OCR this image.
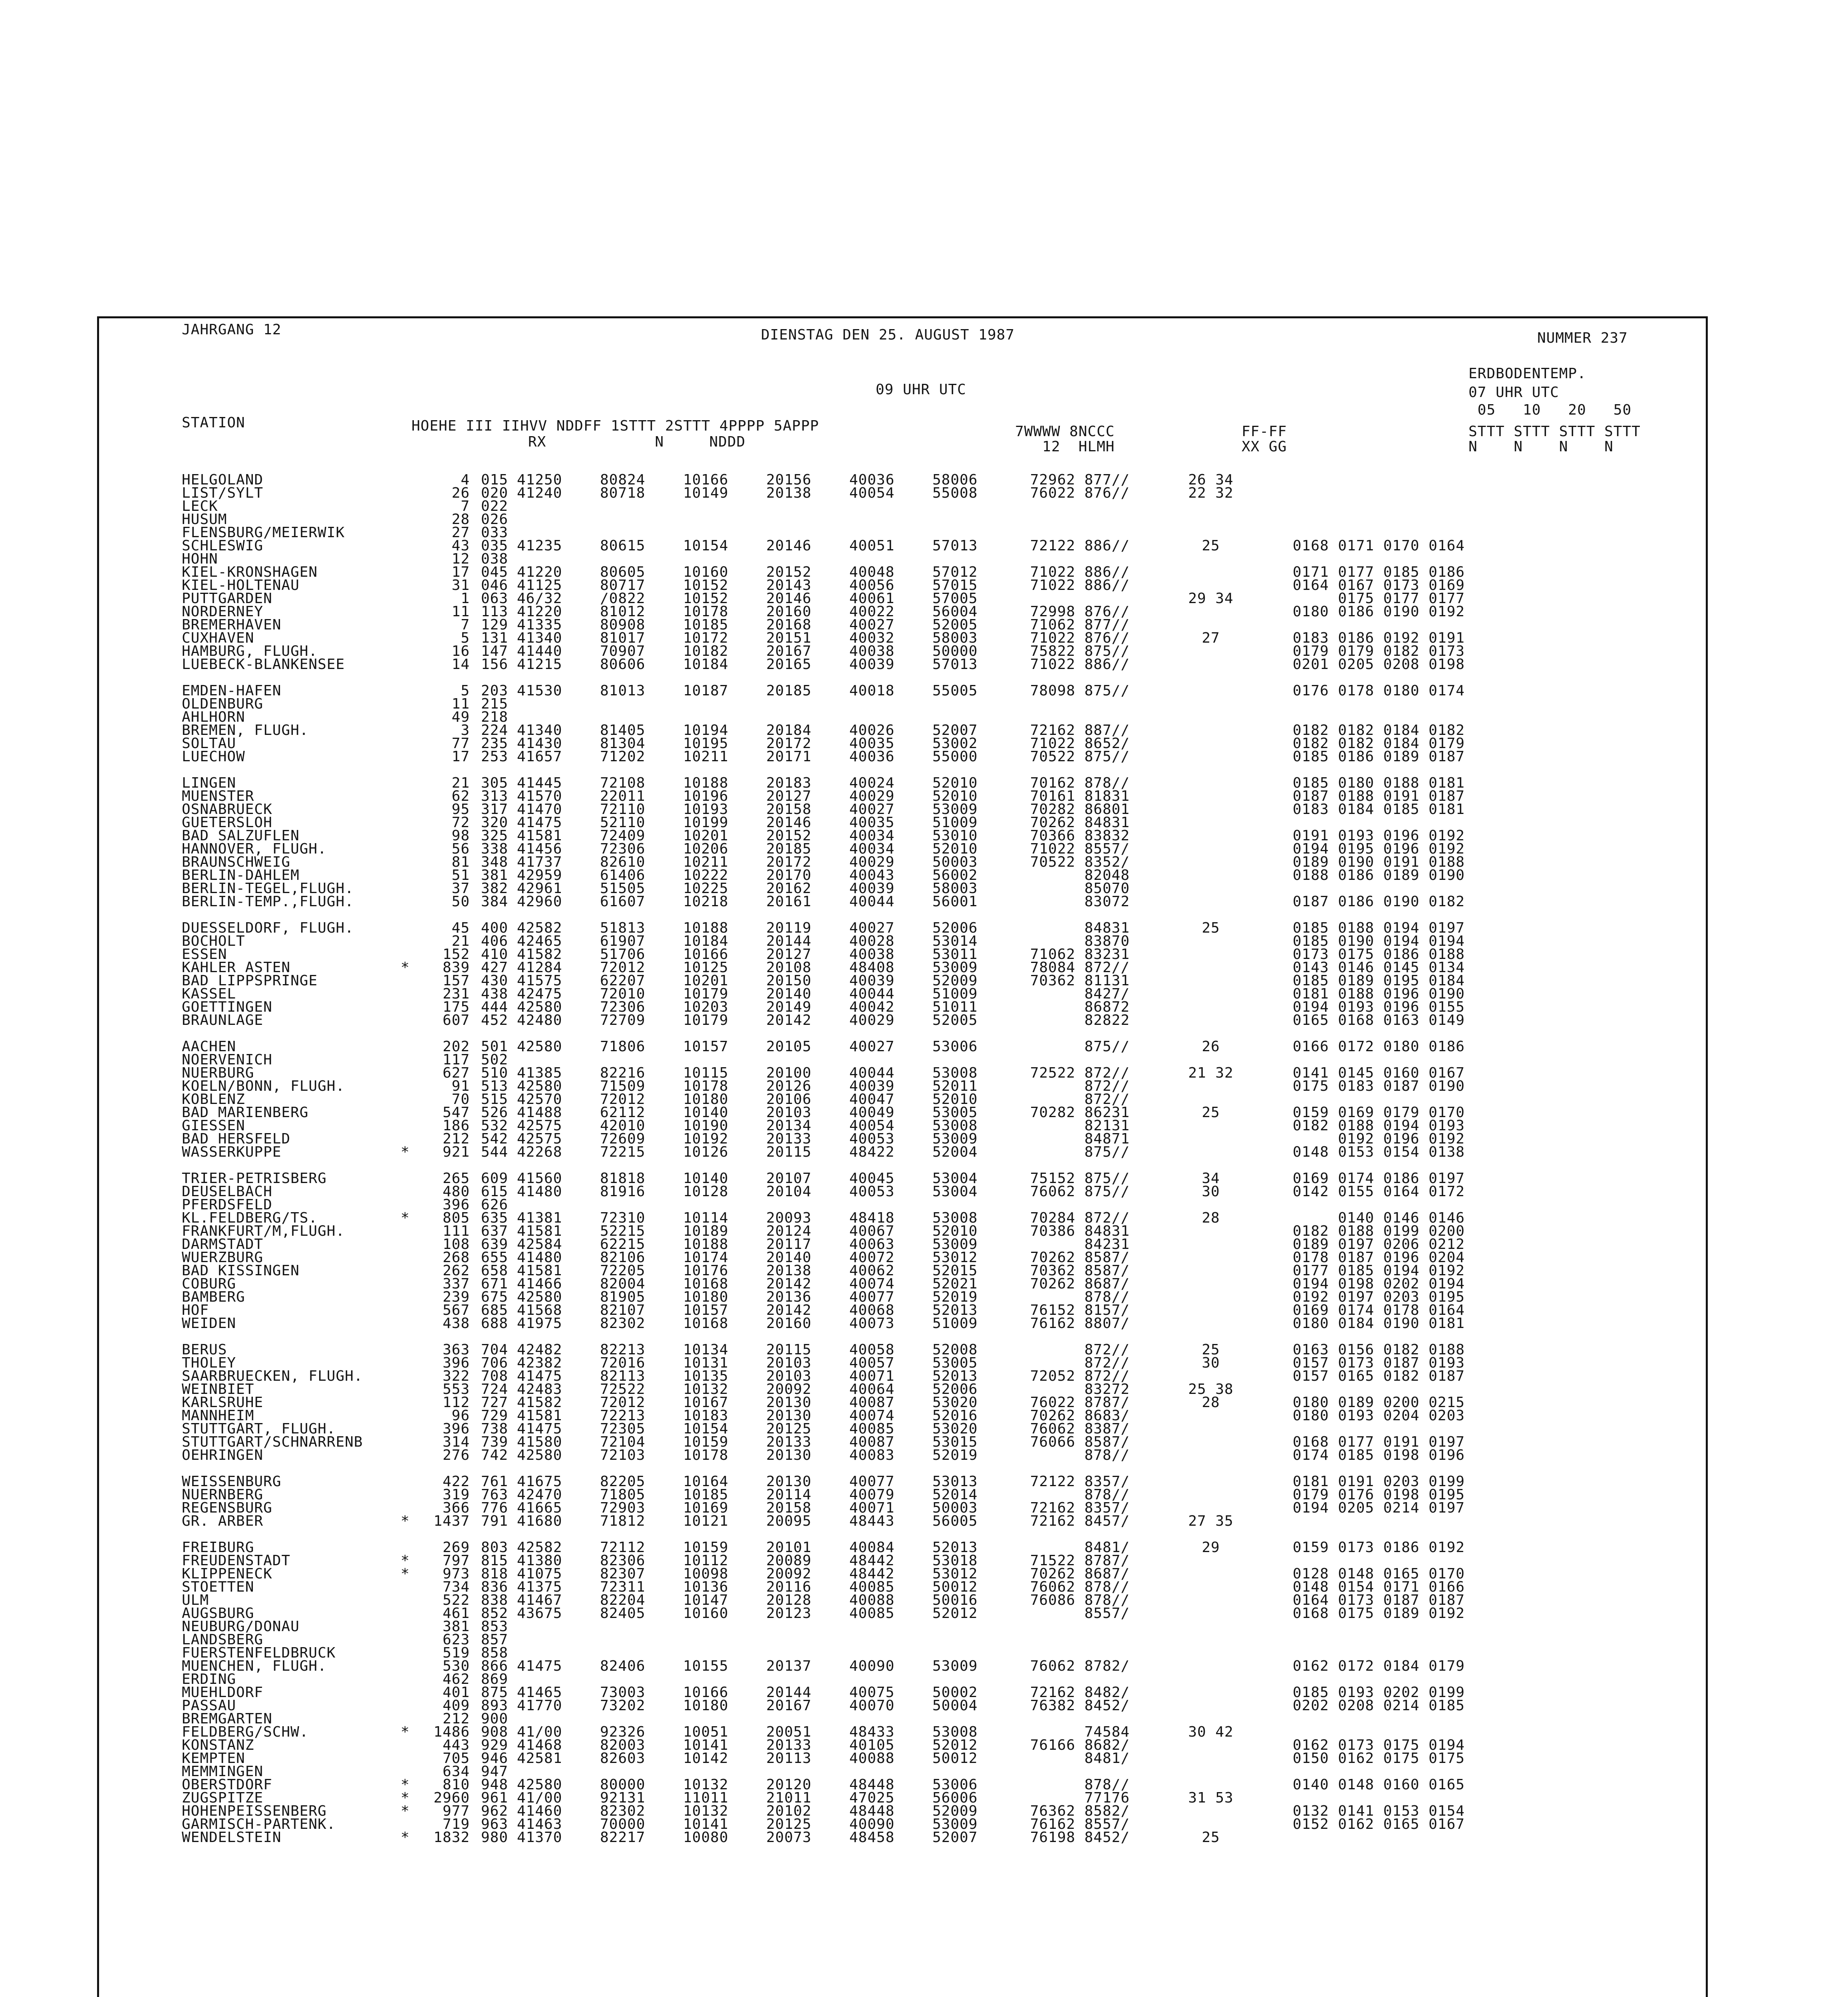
JAHRGANG 12	DIENSTAG DEN 25. AUGUST 1987	NUMMER 237
09 UHR UTC
ERDBODENTEMP.
07 UHR UTC
STATION	HOEHE III IIHVV NDDFF 1STTT 2STTT 4PPPP 5APPP
RX            N     NDDD
7WWWW 8NCCC
12  HLMH
FF-FF
XX GG
05   10   20   50
STTT STTT STTT STTT
N    N    N    N
HELGOLAND		4	015	41250	80824	10166	20156	40036	58006	72962 877//	26 34	
LIST/SYLT		26	020	41240	80718	10149	20138	40054	55008	76022 876//	22 32	
LECK		7	022									
HUSUM		28	026									
FLENSBURG/MEIERWIK		27	033									
SCHLESWIG		43	035	41235	80615	10154	20146	40051	57013	72122 886//	25	0168 0171 0170 0164
HOHN		12	038									
KIEL-KRONSHAGEN		17	045	41220	80605	10160	20152	40048	57012	71022 886//		0171 0177 0185 0186
KIEL-HOLTENAU		31	046	41125	80717	10152	20143	40056	57015	71022 886//		0164 0167 0173 0169
PUTTGARDEN		1	063	46/32	/0822	10152	20146	40061	57005		29 34	0175 0177 0177
NORDERNEY		11	113	41220	81012	10178	20160	40022	56004	72998 876//		0180 0186 0190 0192
BREMERHAVEN		7	129	41335	80908	10185	20168	40027	52005	71062 877//		
CUXHAVEN		5	131	41340	81017	10172	20151	40032	58003	71022 876//	27	0183 0186 0192 0191
HAMBURG, FLUGH.		16	147	41440	70907	10182	20167	40038	50000	75822 875//		0179 0179 0182 0173
LUEBECK-BLANKENSEE		14	156	41215	80606	10184	20165	40039	57013	71022 886//		0201 0205 0208 0198

EMDEN-HAFEN		5	203	41530	81013	10187	20185	40018	55005	78098 875//		0176 0178 0180 0174
OLDENBURG		11	215									
AHLHORN		49	218									
BREMEN, FLUGH.		3	224	41340	81405	10194	20184	40026	52007	72162 887//		0182 0182 0184 0182
SOLTAU		77	235	41430	81304	10195	20172	40035	53002	71022 8652/		0182 0182 0184 0179
LUECHOW		17	253	41657	71202	10211	20171	40036	55000	70522 875//		0185 0186 0189 0187

LINGEN		21	305	41445	72108	10188	20183	40024	52010	70162 878//		0185 0180 0188 0181
MUENSTER		62	313	41570	22011	10196	20127	40029	52010	70161 81831		0187 0188 0191 0187
OSNABRUECK		95	317	41470	72110	10193	20158	40027	53009	70282 86801		0183 0184 0185 0181
GUETERSLOH		72	320	41475	52110	10199	20146	40035	51009	70262 84831		
BAD SALZUFLEN		98	325	41581	72409	10201	20152	40034	53010	70366 83832		0191 0193 0196 0192
HANNOVER, FLUGH.		56	338	41456	72306	10206	20185	40034	52010	71022 8557/		0194 0195 0196 0192
BRAUNSCHWEIG		81	348	41737	82610	10211	20172	40029	50003	70522 8352/		0189 0190 0191 0188
BERLIN-DAHLEM		51	381	42959	61406	10222	20170	40043	56002	82048		0188 0186 0189 0190
BERLIN-TEGEL,FLUGH.		37	382	42961	51505	10225	20162	40039	58003	85070		
BERLIN-TEMP.,FLUGH.		50	384	42960	61607	10218	20161	40044	56001	83072		0187 0186 0190 0182

DUESSELDORF, FLUGH.		45	400	42582	51813	10188	20119	40027	52006	84831	25	0185 0188 0194 0197
BOCHOLT		21	406	42465	61907	10184	20144	40028	53014	83870		0185 0190 0194 0194
ESSEN		152	410	41582	51706	10166	20127	40038	53011	71062 83231		0173 0175 0186 0188
KAHLER ASTEN	*	839	427	41284	72012	10125	20108	48408	53009	78084 872//		0143 0146 0145 0134
BAD LIPPSPRINGE		157	430	41575	62207	10201	20150	40039	52009	70362 81131		0185 0189 0195 0184
KASSEL		231	438	42475	72010	10179	20140	40044	51009	8427/		0181 0188 0196 0190
GOETTINGEN		175	444	42580	72306	10203	20149	40042	51011	86872		0194 0193 0196 0155
BRAUNLAGE		607	452	42480	72709	10179	20142	40029	52005	82822		0165 0168 0163 0149

AACHEN		202	501	42580	71806	10157	20105	40027	53006	875//	26	0166 0172 0180 0186
NOERVENICH		117	502									
NUERBURG		627	510	41385	82216	10115	20100	40044	53008	72522 872//	21 32	0141 0145 0160 0167
KOELN/BONN, FLUGH.		91	513	42580	71509	10178	20126	40039	52011	872//		0175 0183 0187 0190
KOBLENZ		70	515	42570	72012	10180	20106	40047	52010	872//		
BAD MARIENBERG		547	526	41488	62112	10140	20103	40049	53005	70282 86231	25	0159 0169 0179 0170
GIESSEN		186	532	42575	42010	10190	20134	40054	53008	82131		0182 0188 0194 0193
BAD HERSFELD		212	542	42575	72609	10192	20133	40053	53009	84871		0192 0196 0192
WASSERKUPPE	*	921	544	42268	72215	10126	20115	48422	52004	875//		0148 0153 0154 0138

TRIER-PETRISBERG		265	609	41560	81818	10140	20107	40045	53004	75152 875//	34	0169 0174 0186 0197
DEUSELBACH		480	615	41480	81916	10128	20104	40053	53004	76062 875//	30	0142 0155 0164 0172
PFERDSFELD		396	626									
KL.FELDBERG/TS.	*	805	635	41381	72310	10114	20093	48418	53008	70284 872//	28	0140 0146 0146
FRANKFURT/M,FLUGH.		111	637	41581	52215	10189	20124	40067	52010	70386 84831		0182 0188 0199 0200
DARMSTADT		108	639	42584	62215	10188	20117	40063	53009	84231		0189 0197 0206 0212
WUERZBURG		268	655	41480	82106	10174	20140	40072	53012	70262 8587/		0178 0187 0196 0204
BAD KISSINGEN		262	658	41581	72205	10176	20138	40062	52015	70362 8587/		0177 0185 0194 0192
COBURG		337	671	41466	82004	10168	20142	40074	52021	70262 8687/		0194 0198 0202 0194
BAMBERG		239	675	42580	81905	10180	20136	40077	52019	878//		0192 0197 0203 0195
HOF		567	685	41568	82107	10157	20142	40068	52013	76152 8157/		0169 0174 0178 0164
WEIDEN		438	688	41975	82302	10168	20160	40073	51009	76162 8807/		0180 0184 0190 0181

BERUS		363	704	42482	82213	10134	20115	40058	52008	872//	25	0163 0156 0182 0188
THOLEY		396	706	42382	72016	10131	20103	40057	53005	872//	30	0157 0173 0187 0193
SAARBRUECKEN, FLUGH.		322	708	41475	82113	10135	20103	40071	52013	72052 872//		0157 0165 0182 0187
WEINBIET		553	724	42483	72522	10132	20092	40064	52006	83272	25 38	
KARLSRUHE		112	727	41582	72012	10167	20130	40087	53020	76022 8787/	28	0180 0189 0200 0215
MANNHEIM		96	729	41581	72213	10183	20130	40074	52016	70262 8683/		0180 0193 0204 0203
STUTTGART, FLUGH.		396	738	41475	72305	10154	20125	40085	53020	76062 8387/		
STUTTGART/SCHNARRENB		314	739	41580	72104	10159	20133	40087	53015	76066 8587/		0168 0177 0191 0197
OEHRINGEN		276	742	42580	72103	10178	20130	40083	52019	878//		0174 0185 0198 0196

WEISSENBURG		422	761	41675	82205	10164	20130	40077	53013	72122 8357/		0181 0191 0203 0199
NUERNBERG		319	763	42470	71805	10185	20114	40079	52014	878//		0179 0176 0198 0195
REGENSBURG		366	776	41665	72903	10169	20158	40071	50003	72162 8357/		0194 0205 0214 0197
GR. ARBER	*	1437	791	41680	71812	10121	20095	48443	56005	72162 8457/	27 35	

FREIBURG		269	803	42582	72112	10159	20101	40084	52013	8481/	29	0159 0173 0186 0192
FREUDENSTADT	*	797	815	41380	82306	10112	20089	48442	53018	71522 8787/		
KLIPPENECK	*	973	818	41075	82307	10098	20092	48442	53012	70262 8687/		0128 0148 0165 0170
STOETTEN		734	836	41375	72311	10136	20116	40085	50012	76062 878//		0148 0154 0171 0166
ULM		522	838	41467	82204	10147	20128	40088	50016	76086 878//		0164 0173 0187 0187
AUGSBURG		461	852	43675	82405	10160	20123	40085	52012	8557/		0168 0175 0189 0192
NEUBURG/DONAU		381	853									
LANDSBERG		623	857									
FUERSTENFELDBRUCK		519	858									
MUENCHEN, FLUGH.		530	866	41475	82406	10155	20137	40090	53009	76062 8782/		0162 0172 0184 0179
ERDING		462	869									
MUEHLDORF		401	875	41465	73003	10166	20144	40075	50002	72162 8482/		0185 0193 0202 0199
PASSAU		409	893	41770	73202	10180	20167	40070	50004	76382 8452/		0202 0208 0214 0185
BREMGARTEN		212	900									
FELDBERG/SCHW.	*	1486	908	41/00	92326	10051	20051	48433	53008	74584	30 42	
KONSTANZ		443	929	41468	82003	10141	20133	40105	52012	76166 8682/		0162 0173 0175 0194
KEMPTEN		705	946	42581	82603	10142	20113	40088	50012	8481/		0150 0162 0175 0175
MEMMINGEN		634	947									
OBERSTDORF	*	810	948	42580	80000	10132	20120	48448	53006	878//		0140 0148 0160 0165
ZUGSPITZE	*	2960	961	41/00	92131	11011	21011	47025	56006	77176	31 53	
HOHENPEISSENBERG	*	977	962	41460	82302	10132	20102	48448	52009	76362 8582/		0132 0141 0153 0154
GARMISCH-PARTENK.		719	963	41463	70000	10141	20125	40090	53009	76162 8557/		0152 0162 0165 0167
WENDELSTEIN	*	1832	980	41370	82217	10080	20073	48458	52007	76198 8452/	25	
